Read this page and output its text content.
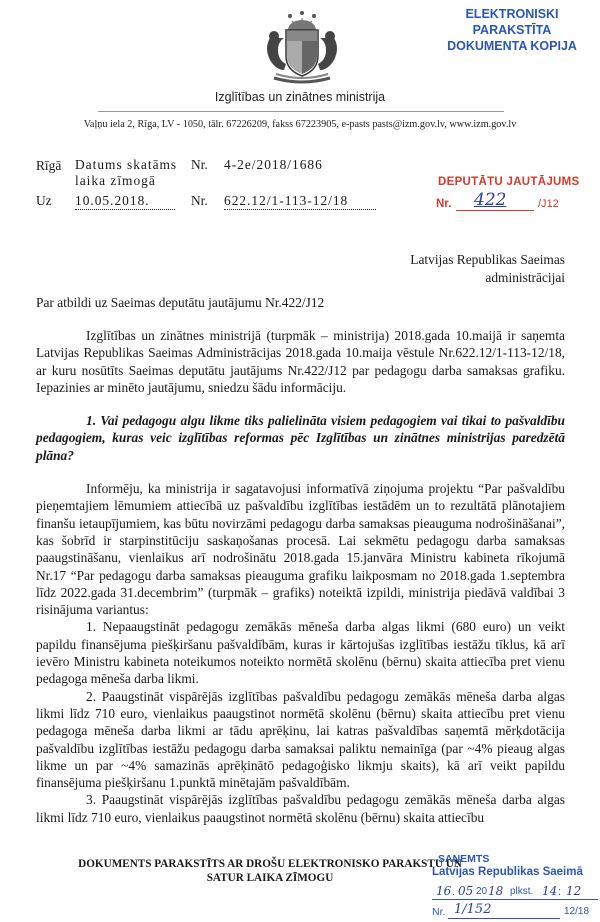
ELEKTRONISKI PARAKSTĪTA
DOKUMENTA KOPIJA
Izglītības un zinātnes ministrija
Vaļņu iela 2, Rīga, LV - 1050, tālr. 67226209, fakss 67223905, e-pasts pasts@izm.gov.lv, www.izm.gov.lv
Rīgā Datums skatāms
laika zīmogā
Nr. 4-2e/2018/1686
Uz 10.05.2018.	Nr. 622.12/1-113-12/18
DEPUTĀTU JAUTĀJUMS
Nr. 422	/J12
Latvijas Republikas Saeimas
administrācijai
Par atbildi uz Saeimas deputātu jautājumu Nr.422/J12

Izglītības un zinātnes ministrijā (turpmāk – ministrija) 2018.gada 10.maijā ir saņemta Latvijas Republikas Saeimas Administrācijas 2018.gada 10.maija vēstule Nr.622.12/1-113-12/18, ar kuru nosūtīts Saeimas deputātu jautājums Nr.422/J12 par pedagogu darba samaksas grafiku. Iepazinies ar minēto jautājumu, sniedzu šādu informāciju.

1. Vai pedagogu algu likme tiks palielināta visiem pedagogiem vai tikai to pašvaldību pedagogiem, kuras veic izglītības reformas pēc Izglītības un zinātnes ministrijas paredzētā plāna?

Informēju, ka ministrija ir sagatavojusi informatīvā ziņojuma projektu “Par pašvaldību pieņemtajiem lēmumiem attiecībā uz pašvaldību izglītības iestādēm un to rezultātā plānotajiem finanšu ietaupījumiem, kas būtu novirzāmi pedagogu darba samaksas pieauguma nodrošināšanai”, kas šobrīd ir starpinstitūciju saskaņošanas procesā. Lai sekmētu pedagogu darba samaksas paaugstināšanu, vienlaikus arī nodrošinātu 2018.gada 15.janvāra Ministru kabineta rīkojumā Nr.17 “Par pedagogu darba samaksas pieauguma grafiku laikposmam no 2018.gada 1.septembra līdz 2022.gada 31.decembrim” (turpmāk – grafiks) noteiktā izpildi, ministrija piedāvā valdībai 3 risinājuma variantus:

1. Nepaaugstināt pedagogu zemākās mēneša darba algas likmi (680 euro) un veikt papildu finansējuma piešķiršanu pašvaldībām, kuras ir kārtojušas izglītības iestāžu tīklus, kā arī ievēro Ministru kabineta noteikumos noteikto normētā skolēnu (bērnu) skaita attiecība pret vienu pedagoga mēneša darba likmi.

2. Paaugstināt vispārējās izglītības pašvaldību pedagogu zemākās mēneša darba algas likmi līdz 710 euro, vienlaikus paaugstinot normētā skolēnu (bērnu) skaita attiecību pret vienu pedagoga mēneša darba likmi ar tādu aprēķinu, lai katras pašvaldības saņemtā mērķdotācija pašvaldību izglītības iestāžu pedagogu darba samaksai paliktu nemainīga (par ~4% pieaug algas likme un par ~4% samazinās aprēķinātō pedagoģisko likmju skaits), kā arī veikt papildu finansējuma piešķiršanu 1.punktā minētajām pašvaldībām.

3. Paaugstināt vispārējās izglītības pašvaldību pedagogu zemākās mēneša darba algas likmi līdz 710 euro, vienlaikus paaugstinot normētā skolēnu (bērnu) skaita attiecību

DOKUMENTS PARAKSTĪTS AR DROŠU ELEKTRONISKO PARAKSTU UN
SATUR LAIKA ZĪMOGU
SAŅEMTS
Latvijas Republikas Saeimā
16 . 05 20 18 plkst. 14 : 12
Nr. 1/152	12/18
